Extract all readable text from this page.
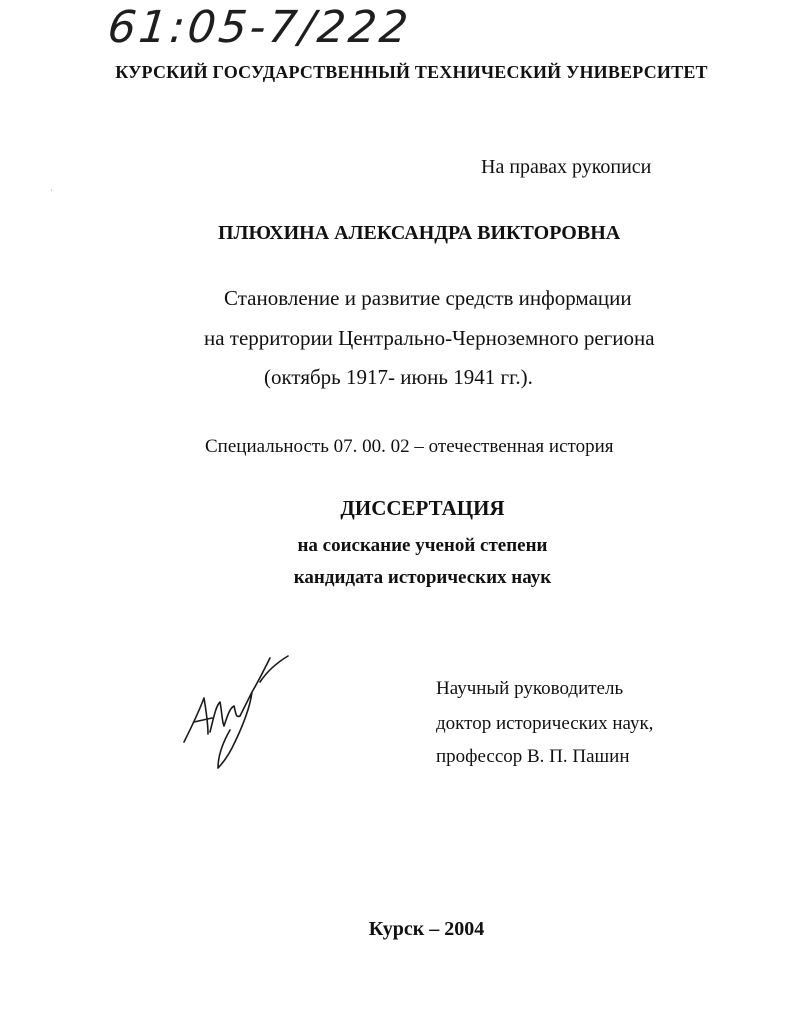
61:05-7/222
КУРСКИЙ ГОСУДАРСТВЕННЫЙ ТЕХНИЧЕСКИЙ УНИВЕРСИТЕТ
На правах рукописи
·
ПЛЮХИНА АЛЕКСАНДРА ВИКТОРОВНА
Становление и развитие средств информации
на территории Центрально-Черноземного региона
(октябрь 1917- июнь 1941 гг.).
Специальность 07. 00. 02 – отечественная история
ДИССЕРТАЦИЯ
на соискание ученой степени
кандидата исторических наук
Научный руководитель
доктор исторических наук,
профессор В. П. Пашин
Курск – 2004
